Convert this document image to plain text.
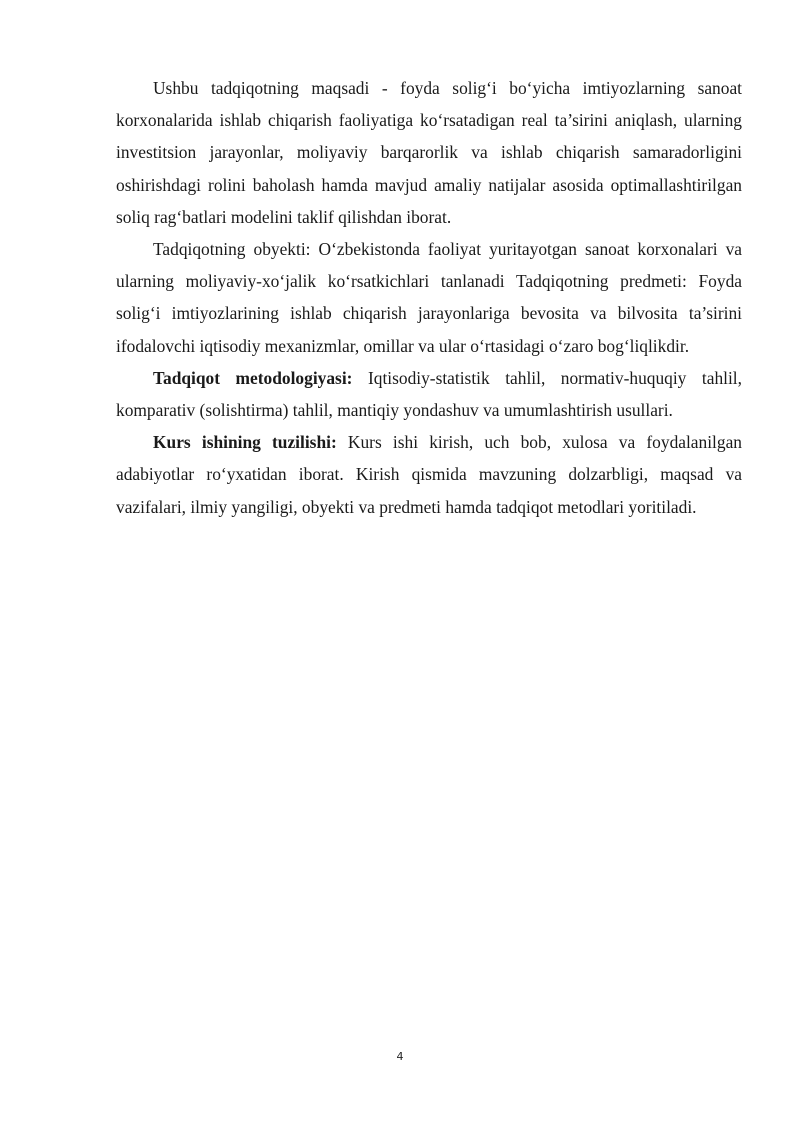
Ushbu tadqiqotning maqsadi - foyda solig‘i bo‘yicha imtiyozlarning sanoat korxonalarida ishlab chiqarish faoliyatiga ko‘rsatadigan real ta’sirini aniqlash, ularning investitsion jarayonlar, moliyaviy barqarorlik va ishlab chiqarish samaradorligini oshirishdagi rolini baholash hamda mavjud amaliy natijalar asosida optimallashtirilgan soliq rag‘batlari modelini taklif qilishdan iborat.

Tadqiqotning obyekti: O‘zbekistonda faoliyat yuritayotgan sanoat korxonalari va ularning moliyaviy-xo‘jalik ko‘rsatkichlari tanlanadi Tadqiqotning predmeti: Foyda solig‘i imtiyozlarining ishlab chiqarish jarayonlariga bevosita va bilvosita ta’sirini ifodalovchi iqtisodiy mexanizmlar, omillar va ular o‘rtasidagi o‘zaro bog‘liqlikdir.

Tadqiqot metodologiyasi: Iqtisodiy-statistik tahlil, normativ-huquqiy tahlil, komparativ (solishtirma) tahlil, mantiqiy yondashuv va umumlashtirish usullari.

Kurs ishining tuzilishi: Kurs ishi kirish, uch bob, xulosa va foydalanilgan adabiyotlar ro‘yxatidan iborat. Kirish qismida mavzuning dolzarbligi, maqsad va vazifalari, ilmiy yangiligi, obyekti va predmeti hamda tadqiqot metodlari yoritiladi.

4
